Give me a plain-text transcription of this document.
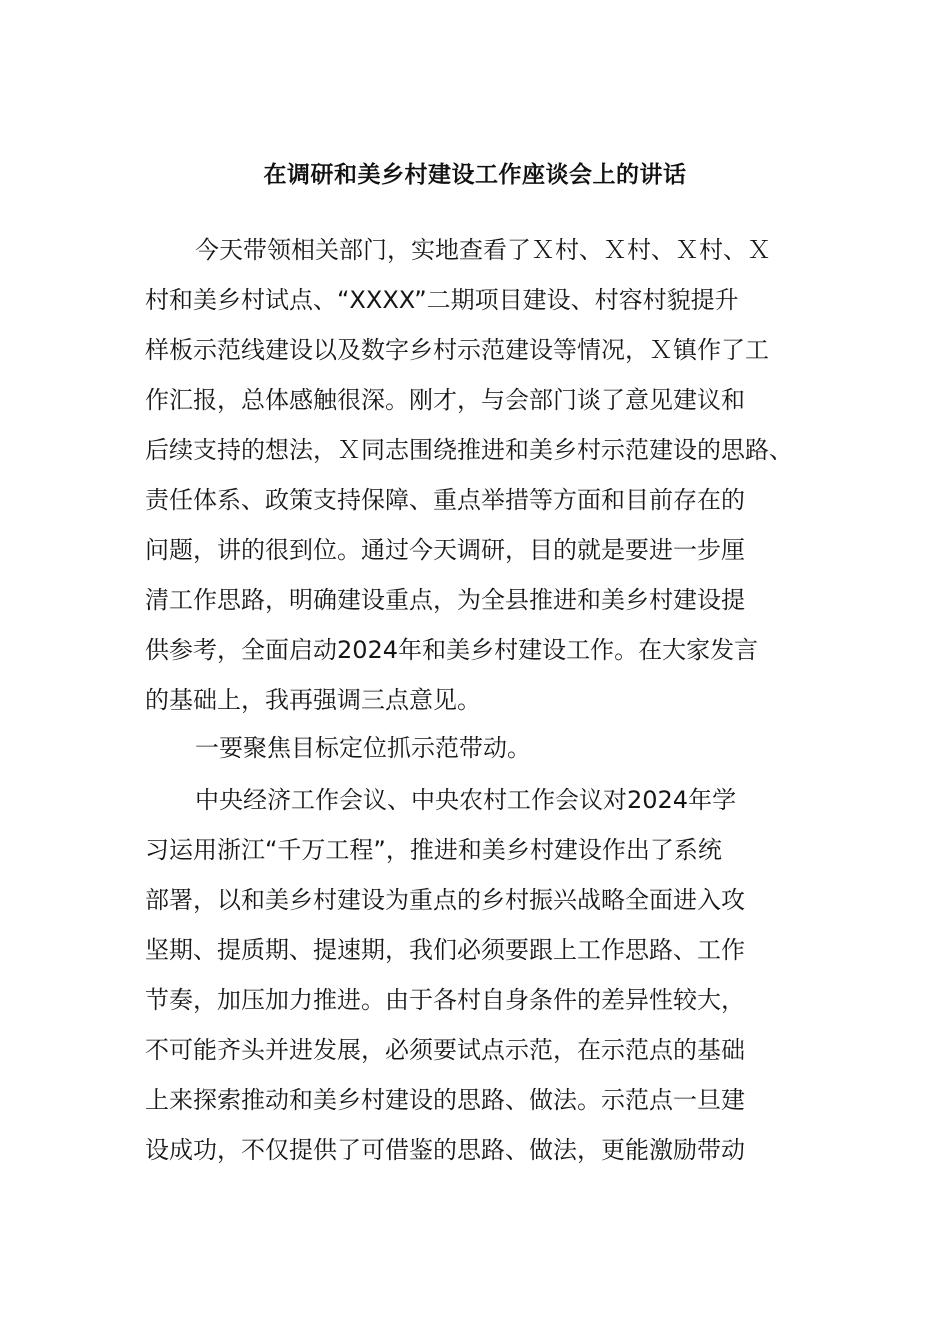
在调研和美乡村建设工作座谈会上的讲话
今天带领相关部门，实地查看了Ｘ村、Ｘ村、Ｘ村、Ｘ
村和美乡村试点、“XXXX”二期项目建设、村容村貌提升
样板示范线建设以及数字乡村示范建设等情况，Ｘ镇作了工
作汇报，总体感触很深。刚才，与会部门谈了意见建议和
后续支持的想法，Ｘ同志围绕推进和美乡村示范建设的思路、
责任体系、政策支持保障、重点举措等方面和目前存在的
问题，讲的很到位。通过今天调研，目的就是要进一步厘
清工作思路，明确建设重点，为全县推进和美乡村建设提
供参考，全面启动2024年和美乡村建设工作。在大家发言
的基础上，我再强调三点意见。
一要聚焦目标定位抓示范带动。
中央经济工作会议、中央农村工作会议对2024年学
习运用浙江“千万工程”，推进和美乡村建设作出了系统
部署，以和美乡村建设为重点的乡村振兴战略全面进入攻
坚期、提质期、提速期，我们必须要跟上工作思路、工作
节奏，加压加力推进。由于各村自身条件的差异性较大，
不可能齐头并进发展，必须要试点示范，在示范点的基础
上来探索推动和美乡村建设的思路、做法。示范点一旦建
设成功，不仅提供了可借鉴的思路、做法，更能激励带动
